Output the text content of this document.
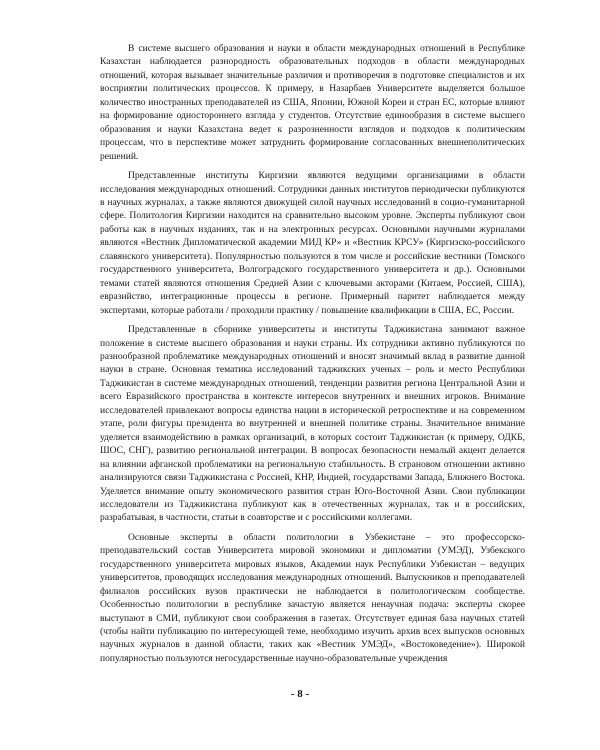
В системе высшего образования и науки в области международных отношений в Республике Казахстан наблюдается разнородность образовательных подходов в области международных отношений, которая вызывает значительные различия и противоречия в подготовке специалистов и их восприятии политических процессов. К примеру, в Назарбаев Университете выделяется большое количество иностранных преподавателей из США, Японии, Южной Кореи и стран ЕС, которые влияют на формирование одностороннего взгляда у студентов. Отсутствие единообразия в системе высшего образования и науки Казахстана ведет к разрозненности взглядов и подходов к политическим процессам, что в перспективе может затруднить формирование согласованных внешнеполитических решений.

Представленные институты Киргизии являются ведущими организациями в области исследования международных отношений. Сотрудники данных институтов периодически публикуются в научных журналах, а также являются движущей силой научных исследований в социо-гуманитарной сфере. Политология Киргизии находится на сравнительно высоком уровне. Эксперты публикуют свои работы как в научных изданиях, так и на электронных ресурсах. Основными научными журналами являются «Вестник Дипломатической академии МИД КР» и «Вестник КРСУ» (Киргизско-российского славянского университета). Популярностью пользуются в том числе и российские вестники (Томского государственного университета, Волгоградского государственного университета и др.). Основными темами статей являются отношения Средней Азии с ключевыми акторами (Китаем, Россией, США), евразийство, интеграционные процессы в регионе. Примерный паритет наблюдается между экспертами, которые работали / проходили практику / повышение квалификации в США, ЕС, России.

Представленные в сборнике университеты и институты Таджикистана занимают важное положение в системе высшего образования и науки страны. Их сотрудники активно публикуются по разнообразной проблематике международных отношений и вносят значимый вклад в развитие данной науки в стране. Основная тематика исследований таджикских ученых – роль и место Республики Таджикистан в системе международных отношений, тенденции развития региона Центральной Азии и всего Евразийского пространства в контексте интересов внутренних и внешних игроков. Внимание исследователей привлекают вопросы единства нации в исторической ретроспективе и на современном этапе, роли фигуры президента во внутренней и внешней политике страны. Значительное внимание уделяется взаимодействию в рамках организаций, в которых состоит Таджикистан (к примеру, ОДКБ, ШОС, СНГ), развитию региональной интеграции. В вопросах безопасности немалый акцент делается на влиянии афганской проблематики на региональную стабильность. В страновом отношении активно анализируются связи Таджикистана с Россией, КНР, Индией, государствами Запада, Ближнего Востока. Уделяется внимание опыту экономического развития стран Юго-Восточной Азии. Свои публикации исследователи из Таджикистана публикуют как в отечественных журналах, так и в российских, разрабатывая, в частности, статьи в соавторстве и с российскими коллегами.

Основные эксперты в области политологии в Узбекистане – это профессорско-преподавательский состав Университета мировой экономики и дипломатии (УМЭД), Узбекского государственного университета мировых языков, Академии наук Республики Узбекистан – ведущих университетов, проводящих исследования международных отношений. Выпускников и преподавателей филиалов российских вузов практически не наблюдается в политологическом сообществе. Особенностью политологии в республике зачастую является ненаучная подача: эксперты скорее выступают в СМИ, публикуют свои соображения в газетах. Отсутствует единая база научных статей (чтобы найти публикацию по интересующей теме, необходимо изучить архив всех выпусков основных научных журналов в данной области, таких как «Вестник УМЭД», «Востоковедение»). Широкой популярностью пользуются негосударственные научно-образовательные учреждения

- 8 -
